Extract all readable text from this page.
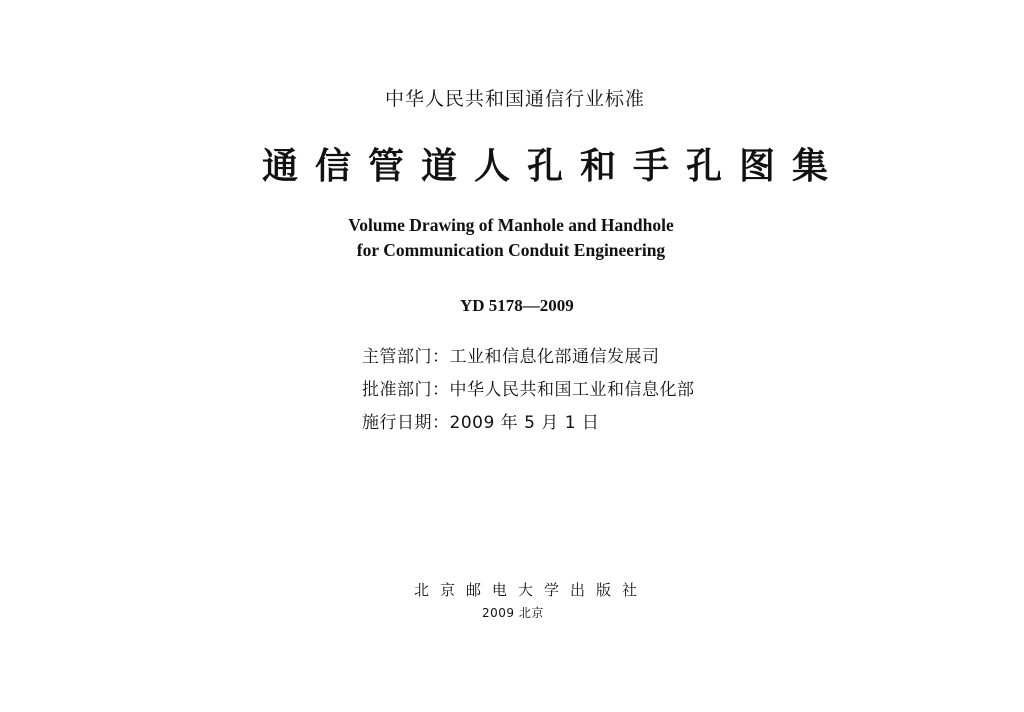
中华人民共和国通信行业标准
通信管道人孔和手孔图集
Volume Drawing of Manhole and Handhole
for Communication Conduit Engineering
YD 5178—2009
主管部门：工业和信息化部通信发展司
批准部门：中华人民共和国工业和信息化部
施行日期：2009 年 5 月 1 日
北京邮电大学出版社
2009 北京
